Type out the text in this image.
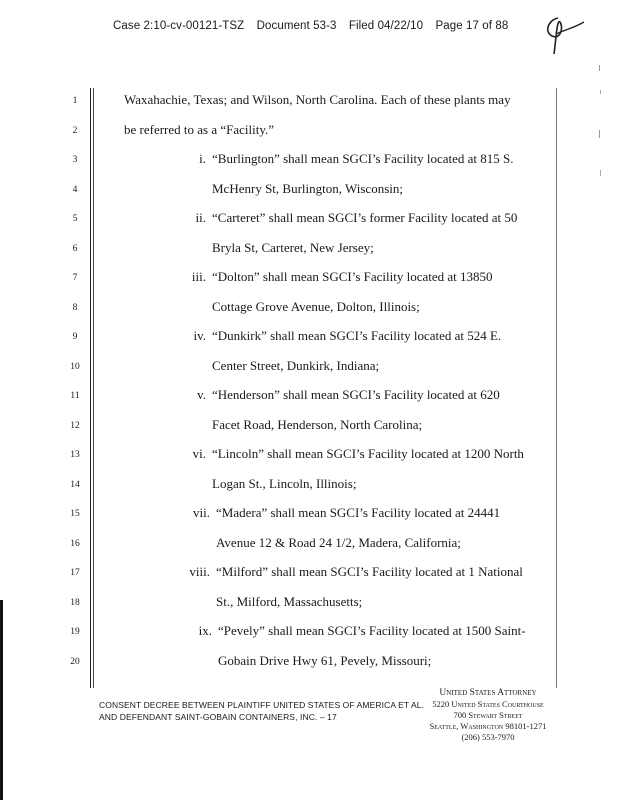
Case 2:10-cv-00121-TSZ Document 53-3 Filed 04/22/10 Page 17 of 88
1
2
3
4
5
6
7
8
9
10
11
12
13
14
15
16
17
18
19
20
Waxahachie, Texas; and Wilson, North Carolina. Each of these plants may
be referred to as a “Facility.”
i. “Burlington” shall mean SGCI’s Facility located at 815 S.
McHenry St, Burlington, Wisconsin;
ii. “Carteret” shall mean SGCI’s former Facility located at 50
Bryla St, Carteret, New Jersey;
iii. “Dolton” shall mean SGCI’s Facility located at 13850
Cottage Grove Avenue, Dolton, Illinois;
iv. “Dunkirk” shall mean SGCI’s Facility located at 524 E.
Center Street, Dunkirk, Indiana;
v. “Henderson” shall mean SGCI’s Facility located at 620
Facet Road, Henderson, North Carolina;
vi. “Lincoln” shall mean SGCI’s Facility located at 1200 North
Logan St., Lincoln, Illinois;
vii. “Madera” shall mean SGCI’s Facility located at 24441
Avenue 12 & Road 24 1/2, Madera, California;
viii. “Milford” shall mean SGCI’s Facility located at 1 National
St., Milford, Massachusetts;
ix. “Pevely” shall mean SGCI’s Facility located at 1500 Saint-
Gobain Drive Hwy 61, Pevely, Missouri;
CONSENT DECREE BETWEEN PLAINTIFF UNITED STATES OF AMERICA ET AL.
AND DEFENDANT SAINT-GOBAIN CONTAINERS, INC. – 17
United States Attorney
5220 United States Courthouse
700 Stewart Street
Seattle, Washington 98101-1271
(206) 553-7970
